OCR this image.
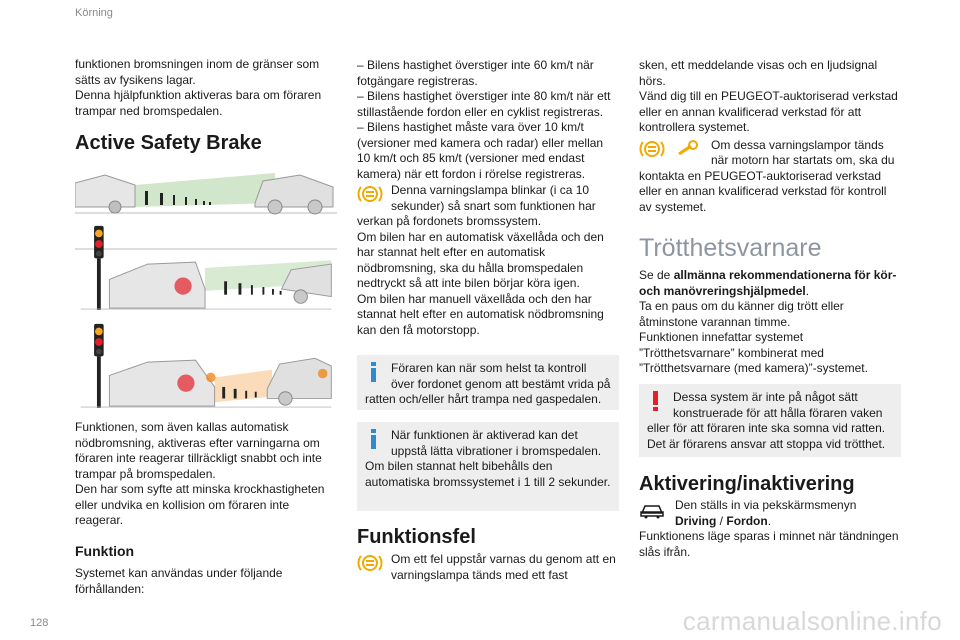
Körning
128	carmanualsonline.info

funktionen bromsningen inom de gränser som sätts av fysikens lagar.

Denna hjälpfunktion aktiveras bara om föraren trampar ned bromspedalen.

Active Safety Brake

Funktionen, som även kallas automatisk nödbromsning, aktiveras efter varningarna om föraren inte reagerar tillräckligt snabbt och inte trampar på bromspedalen.

Den har som syfte att minska krockhastigheten eller undvika en kollision om föraren inte reagerar.

Funktion
Systemet kan användas under följande förhållanden:

– Bilens hastighet överstiger inte 60 km/t när fotgängare registreras.

– Bilens hastighet överstiger inte 80 km/t när ett stillastående fordon eller en cyklist registreras.

– Bilens hastighet måste vara över 10 km/t (versioner med kamera och radar) eller mellan 10 km/t och 85 km/t (versioner med endast kamera) när ett fordon i rörelse registreras.

Denna varningslampa blinkar (i ca 10 sekunder) så snart som funktionen har verkan på fordonets bromssystem.

Om bilen har en automatisk växellåda och den har stannat helt efter en automatisk nödbromsning, ska du hålla bromspedalen nedtryckt så att inte bilen börjar köra igen.

Om bilen har manuell växellåda och den har stannat helt efter en automatisk nödbromsning kan den få motorstopp.

Föraren kan när som helst ta kontroll över fordonet genom att bestämt vrida på ratten och/eller hårt trampa ned gaspedalen.
När funktionen är aktiverad kan det uppstå lätta vibrationer i bromspedalen.
Om bilen stannat helt bibehålls den automatiska bromssystemet i 1 till 2 sekunder.
Funktionsfel
Om ett fel uppstår varnas du genom att en varningslampa tänds med ett fast

sken, ett meddelande visas och en ljudsignal hörs.

Vänd dig till en PEUGEOT-auktoriserad verkstad eller en annan kvalificerad verkstad för att kontrollera systemet.

Om dessa varningslampor tänds när motorn har startats om, ska du kontakta en PEUGEOT-auktoriserad verkstad eller en annan kvalificerad verkstad för kontroll av systemet.

Trötthetsvarnare

Se de allmänna rekommendationerna för kör- och manövreringshjälpmedel.

Ta en paus om du känner dig trött eller åtminstone varannan timme.

Funktionen innefattar systemet ”Trötthetsvarnare” kombinerat med ”Trötthetsvarnare (med kamera)”-systemet.

Dessa system är inte på något sätt konstruerade för att hålla föraren vaken eller för att föraren inte ska somna vid ratten. Det är förarens ansvar att stoppa vid trötthet.
Aktivering/inaktivering

Den ställs in via pekskärmsmenyn
Driving / Fordon.

Funktionens läge sparas i minnet när tändningen slås ifrån.
